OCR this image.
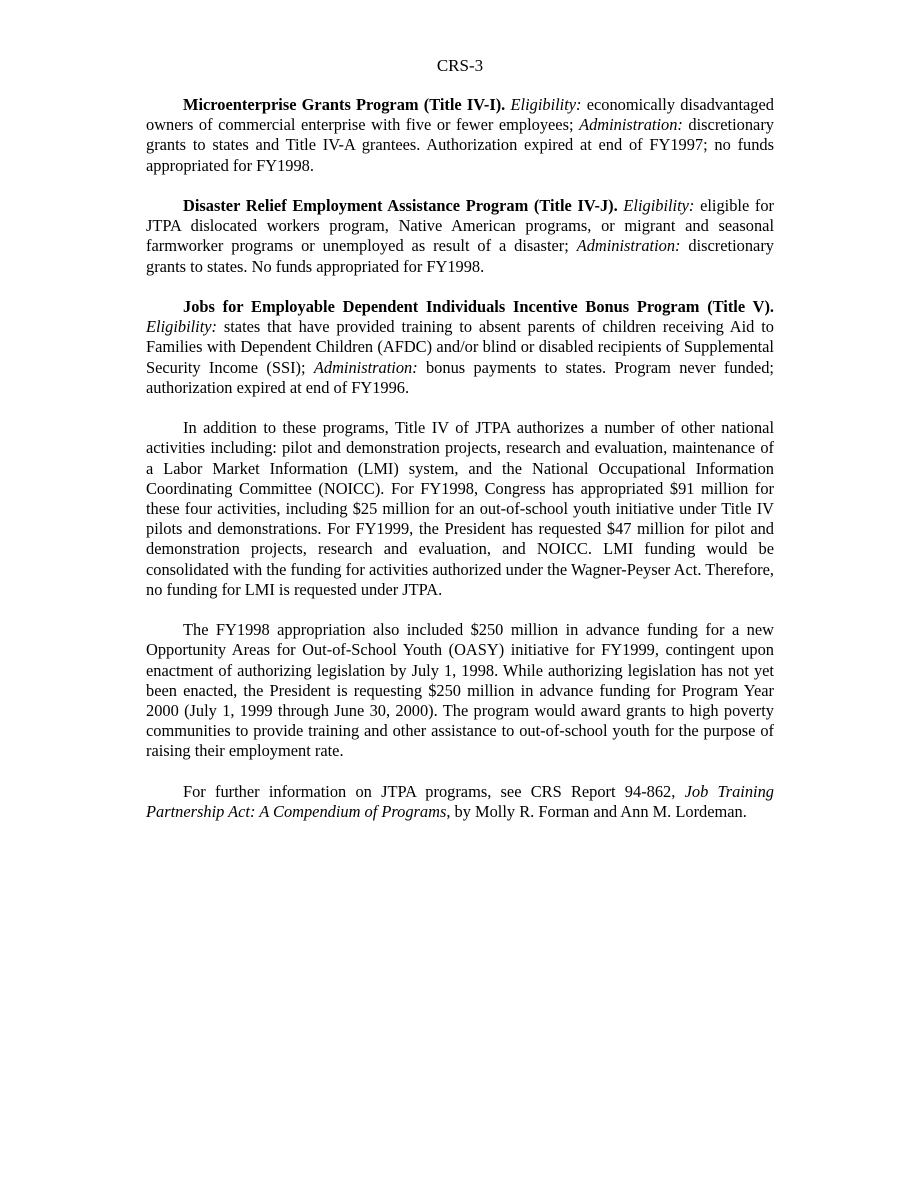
CRS-3

Microenterprise Grants Program (Title IV-I). Eligibility: economically disadvantaged owners of commercial enterprise with five or fewer employees; Administration: discretionary grants to states and Title IV-A grantees. Authorization expired at end of FY1997; no funds appropriated for FY1998.

Disaster Relief Employment Assistance Program (Title IV-J). Eligibility: eligible for JTPA dislocated workers program, Native American programs, or migrant and seasonal farmworker programs or unemployed as result of a disaster; Administration: discretionary grants to states. No funds appropriated for FY1998.

Jobs for Employable Dependent Individuals Incentive Bonus Program (Title V). Eligibility: states that have provided training to absent parents of children receiving Aid to Families with Dependent Children (AFDC) and/or blind or disabled recipients of Supplemental Security Income (SSI); Administration: bonus payments to states. Program never funded; authorization expired at end of FY1996.

In addition to these programs, Title IV of JTPA authorizes a number of other national activities including: pilot and demonstration projects, research and evaluation, maintenance of a Labor Market Information (LMI) system, and the National Occupational Information Coordinating Committee (NOICC). For FY1998, Congress has appropriated $91 million for these four activities, including $25 million for an out-of-school youth initiative under Title IV pilots and demonstrations. For FY1999, the President has requested $47 million for pilot and demonstration projects, research and evaluation, and NOICC. LMI funding would be consolidated with the funding for activities authorized under the Wagner-Peyser Act. Therefore, no funding for LMI is requested under JTPA.

The FY1998 appropriation also included $250 million in advance funding for a new Opportunity Areas for Out-of-School Youth (OASY) initiative for FY1999, contingent upon enactment of authorizing legislation by July 1, 1998. While authorizing legislation has not yet been enacted, the President is requesting $250 million in advance funding for Program Year 2000 (July 1, 1999 through June 30, 2000). The program would award grants to high poverty communities to provide training and other assistance to out-of-school youth for the purpose of raising their employment rate.

For further information on JTPA programs, see CRS Report 94-862, Job Training Partnership Act: A Compendium of Programs, by Molly R. Forman and Ann M. Lordeman.
